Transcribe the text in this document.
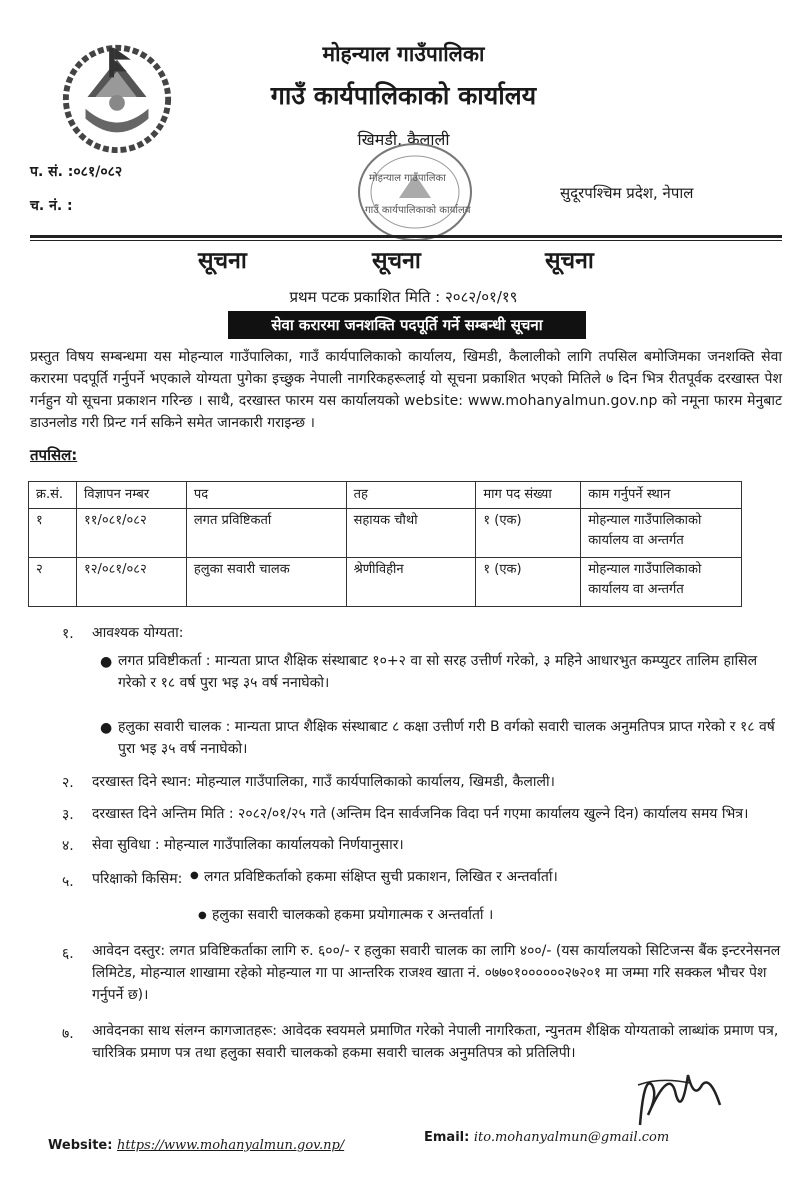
मोहन्याल गाउँपालिका
गाउँ कार्यपालिकाको कार्यालय
खिमडी, कैलाली
प. सं. :०८१/०८२
च. नं. :
मोहन्याल गाउँपालिका
गाउँ कार्यपालिकाको कार्यालय
सुदूरपश्चिम प्रदेश, नेपाल
सूचना	सूचना	सूचना
प्रथम पटक प्रकाशित मिति : २०८२/०१/१९
सेवा करारमा जनशक्ति पदपूर्ति गर्ने सम्बन्धी सूचना
प्रस्तुत विषय सम्बन्धमा यस मोहन्याल गाउँपालिका, गाउँ कार्यपालिकाको कार्यालय, खिमडी, कैलालीको लागि तपसिल बमोजिमका जनशक्ति सेवा करारमा पदपूर्ति गर्नुपर्ने भएकाले योग्यता पुगेका इच्छुक नेपाली नागरिकहरूलाई यो सूचना प्रकाशित भएको मितिले ७ दिन भित्र रीतपूर्वक दरखास्त पेश गर्नहुन यो सूचना प्रकाशन गरिन्छ । साथै, दरखास्त फारम यस कार्यालयको website: www.mohanyalmun.gov.np को नमूना फारम मेनुबाट डाउनलोड गरी प्रिन्ट गर्न सकिने समेत जानकारी गराइन्छ ।
तपसिल:
क्र.सं.	विज्ञापन नम्बर	पद	तह	माग पद संख्या	काम गर्नुपर्ने स्थान
१	११/०८१/०८२	लगत प्रविष्टिकर्ता	सहायक चौथो	१ (एक)	मोहन्याल गाउँपालिकाको कार्यालय वा अन्तर्गत
२	१२/०८१/०८२	हलुका सवारी चालक	श्रेणीविहीन	१ (एक)	मोहन्याल गाउँपालिकाको कार्यालय वा अन्तर्गत
१. आवश्यक योग्यता:
● लगत प्रविष्टीकर्ता : मान्यता प्राप्त शैक्षिक संस्थाबाट १०+२ वा सो सरह उत्तीर्ण गरेको, ३ महिने आधारभुत कम्प्युटर तालिम हासिल गरेको र १८ वर्ष पुरा भइ ३५ वर्ष ननाघेको।
● हलुका सवारी चालक : मान्यता प्राप्त शैक्षिक संस्थाबाट ८ कक्षा उत्तीर्ण गरी B वर्गको सवारी चालक अनुमतिपत्र प्राप्त गरेको र १८ वर्ष पुरा भइ ३५ वर्ष ननाघेको।
२. दरखास्त दिने स्थान: मोहन्याल गाउँपालिका, गाउँ कार्यपालिकाको कार्यालय, खिमडी, कैलाली।
३. दरखास्त दिने अन्तिम मिति : २०८२/०१/२५ गते (अन्तिम दिन सार्वजनिक विदा पर्न गएमा कार्यालय खुल्ने दिन) कार्यालय समय भित्र।
४. सेवा सुविधा : मोहन्याल गाउँपालिका कार्यालयको निर्णयानुसार।
५. परिक्षाको किसिम: ● लगत प्रविष्टिकर्ताको हकमा संक्षिप्त सुची प्रकाशन, लिखित र अन्तर्वार्ता।
● हलुका सवारी चालकको हकमा प्रयोगात्मक र अन्तर्वार्ता ।
६. आवेदन दस्तुर: लगत प्रविष्टिकर्ताका लागि रु. ६००/- र हलुका सवारी चालक का लागि ४००/- (यस कार्यालयको सिटिजन्स बैंक इन्टरनेसनल लिमिटेड, मोहन्याल शाखामा रहेको मोहन्याल गा पा आन्तरिक राजश्व खाता नं. ०७७०१००००००२७२०१ मा जम्मा गरि सक्कल भौचर पेश गर्नुपर्ने छ)।
७. आवेदनका साथ संलग्न कागजातहरू: आवेदक स्वयमले प्रमाणित गरेको नेपाली नागरिकता, न्युनतम शैक्षिक योग्यताको लाब्धांक प्रमाण पत्र, चारित्रिक प्रमाण पत्र तथा हलुका सवारी चालकको हकमा सवारी चालक अनुमतिपत्र को प्रतिलिपी।
Website: https://www.mohanyalmun.gov.np/
Email: ito.mohanyalmun@gmail.com
